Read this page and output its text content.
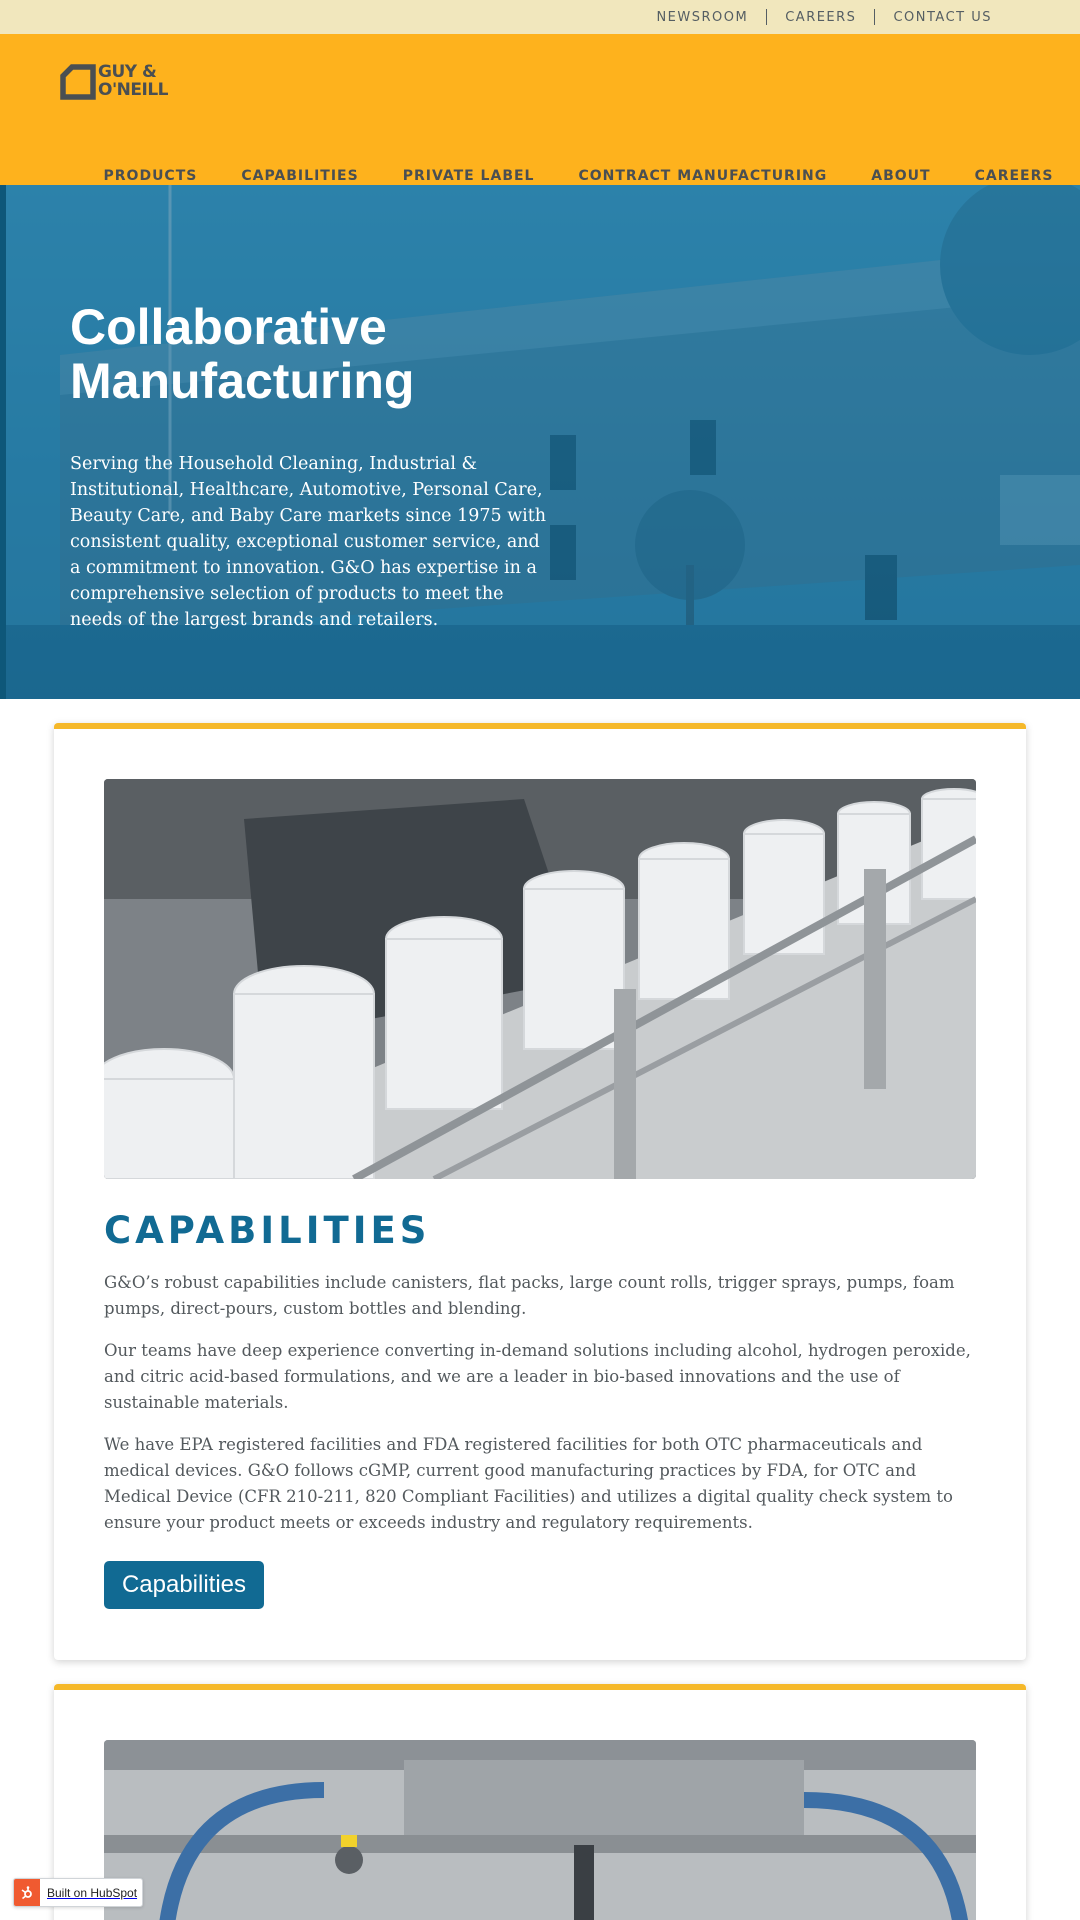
NEWSROOM	CAREERS	CONTACT US
GUY &
O'NEILL
PRODUCTS	CAPABILITIES	PRIVATE LABEL	CONTRACT MANUFACTURING	ABOUT	CAREERS
Collaborative Manufacturing

Serving the Household Cleaning, Industrial & Institutional, Healthcare, Automotive, Personal Care, Beauty Care, and Baby Care markets since 1975 with consistent quality, exceptional customer service, and a commitment to innovation. G&O has expertise in a comprehensive selection of products to meet the needs of the largest brands and retailers.

CAPABILITIES

G&O’s robust capabilities include canisters, flat packs, large count rolls, trigger sprays, pumps, foam pumps, direct-pours, custom bottles and blending.

Our teams have deep experience converting in-demand solutions including alcohol, hydrogen peroxide, and citric acid-based formulations, and we are a leader in bio-based innovations and the use of sustainable materials.

We have EPA registered facilities and FDA registered facilities for both OTC pharmaceuticals and medical devices. G&O follows cGMP, current good manufacturing practices by FDA, for OTC and Medical Device (CFR 210-211, 820 Compliant Facilities) and utilizes a digital quality check system to ensure your product meets or exceeds industry and regulatory requirements.

Capabilities
Built on HubSpot
